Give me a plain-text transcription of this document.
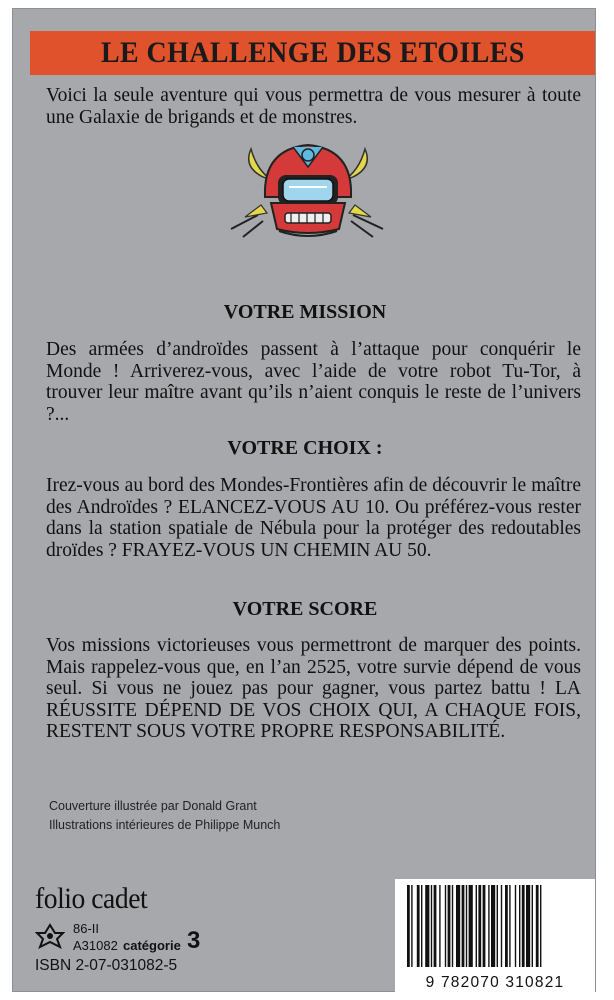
LE CHALLENGE DES ETOILES
Voici la seule aventure qui vous permettra de vous mesurer à toute une Galaxie de brigands et de monstres.
VOTRE MISSION
Des armées d’androïdes passent à l’attaque pour conquérir le Monde ! Arriverez-vous, avec l’aide de votre robot Tu-Tor, à trouver leur maître avant qu’ils n’aient conquis le reste de l’univers ?...
VOTRE CHOIX :
Irez-vous au bord des Mondes-Frontières afin de découvrir le maître des Androïdes ? ELANCEZ-VOUS AU 10. Ou préférez-vous rester dans la station spatiale de Nébula pour la protéger des redoutables droïdes ? FRAYEZ-VOUS UN CHEMIN AU 50.
VOTRE SCORE
Vos missions victorieuses vous permettront de marquer des points. Mais rappelez-vous que, en l’an 2525, votre survie dépend de vous seul. Si vous ne jouez pas pour gagner, vous partez battu ! LA RÉUSSITE DÉPEND DE VOS CHOIX QUI, A CHAQUE FOIS, RESTENT SOUS VOTRE PROPRE RESPONSABILITÉ.
Couverture illustrée par Donald Grant
Illustrations intérieures de Philippe Munch
folio cadet
86-II
A31082 catégorie 3
ISBN 2-07-031082-5
9 782070 310821
